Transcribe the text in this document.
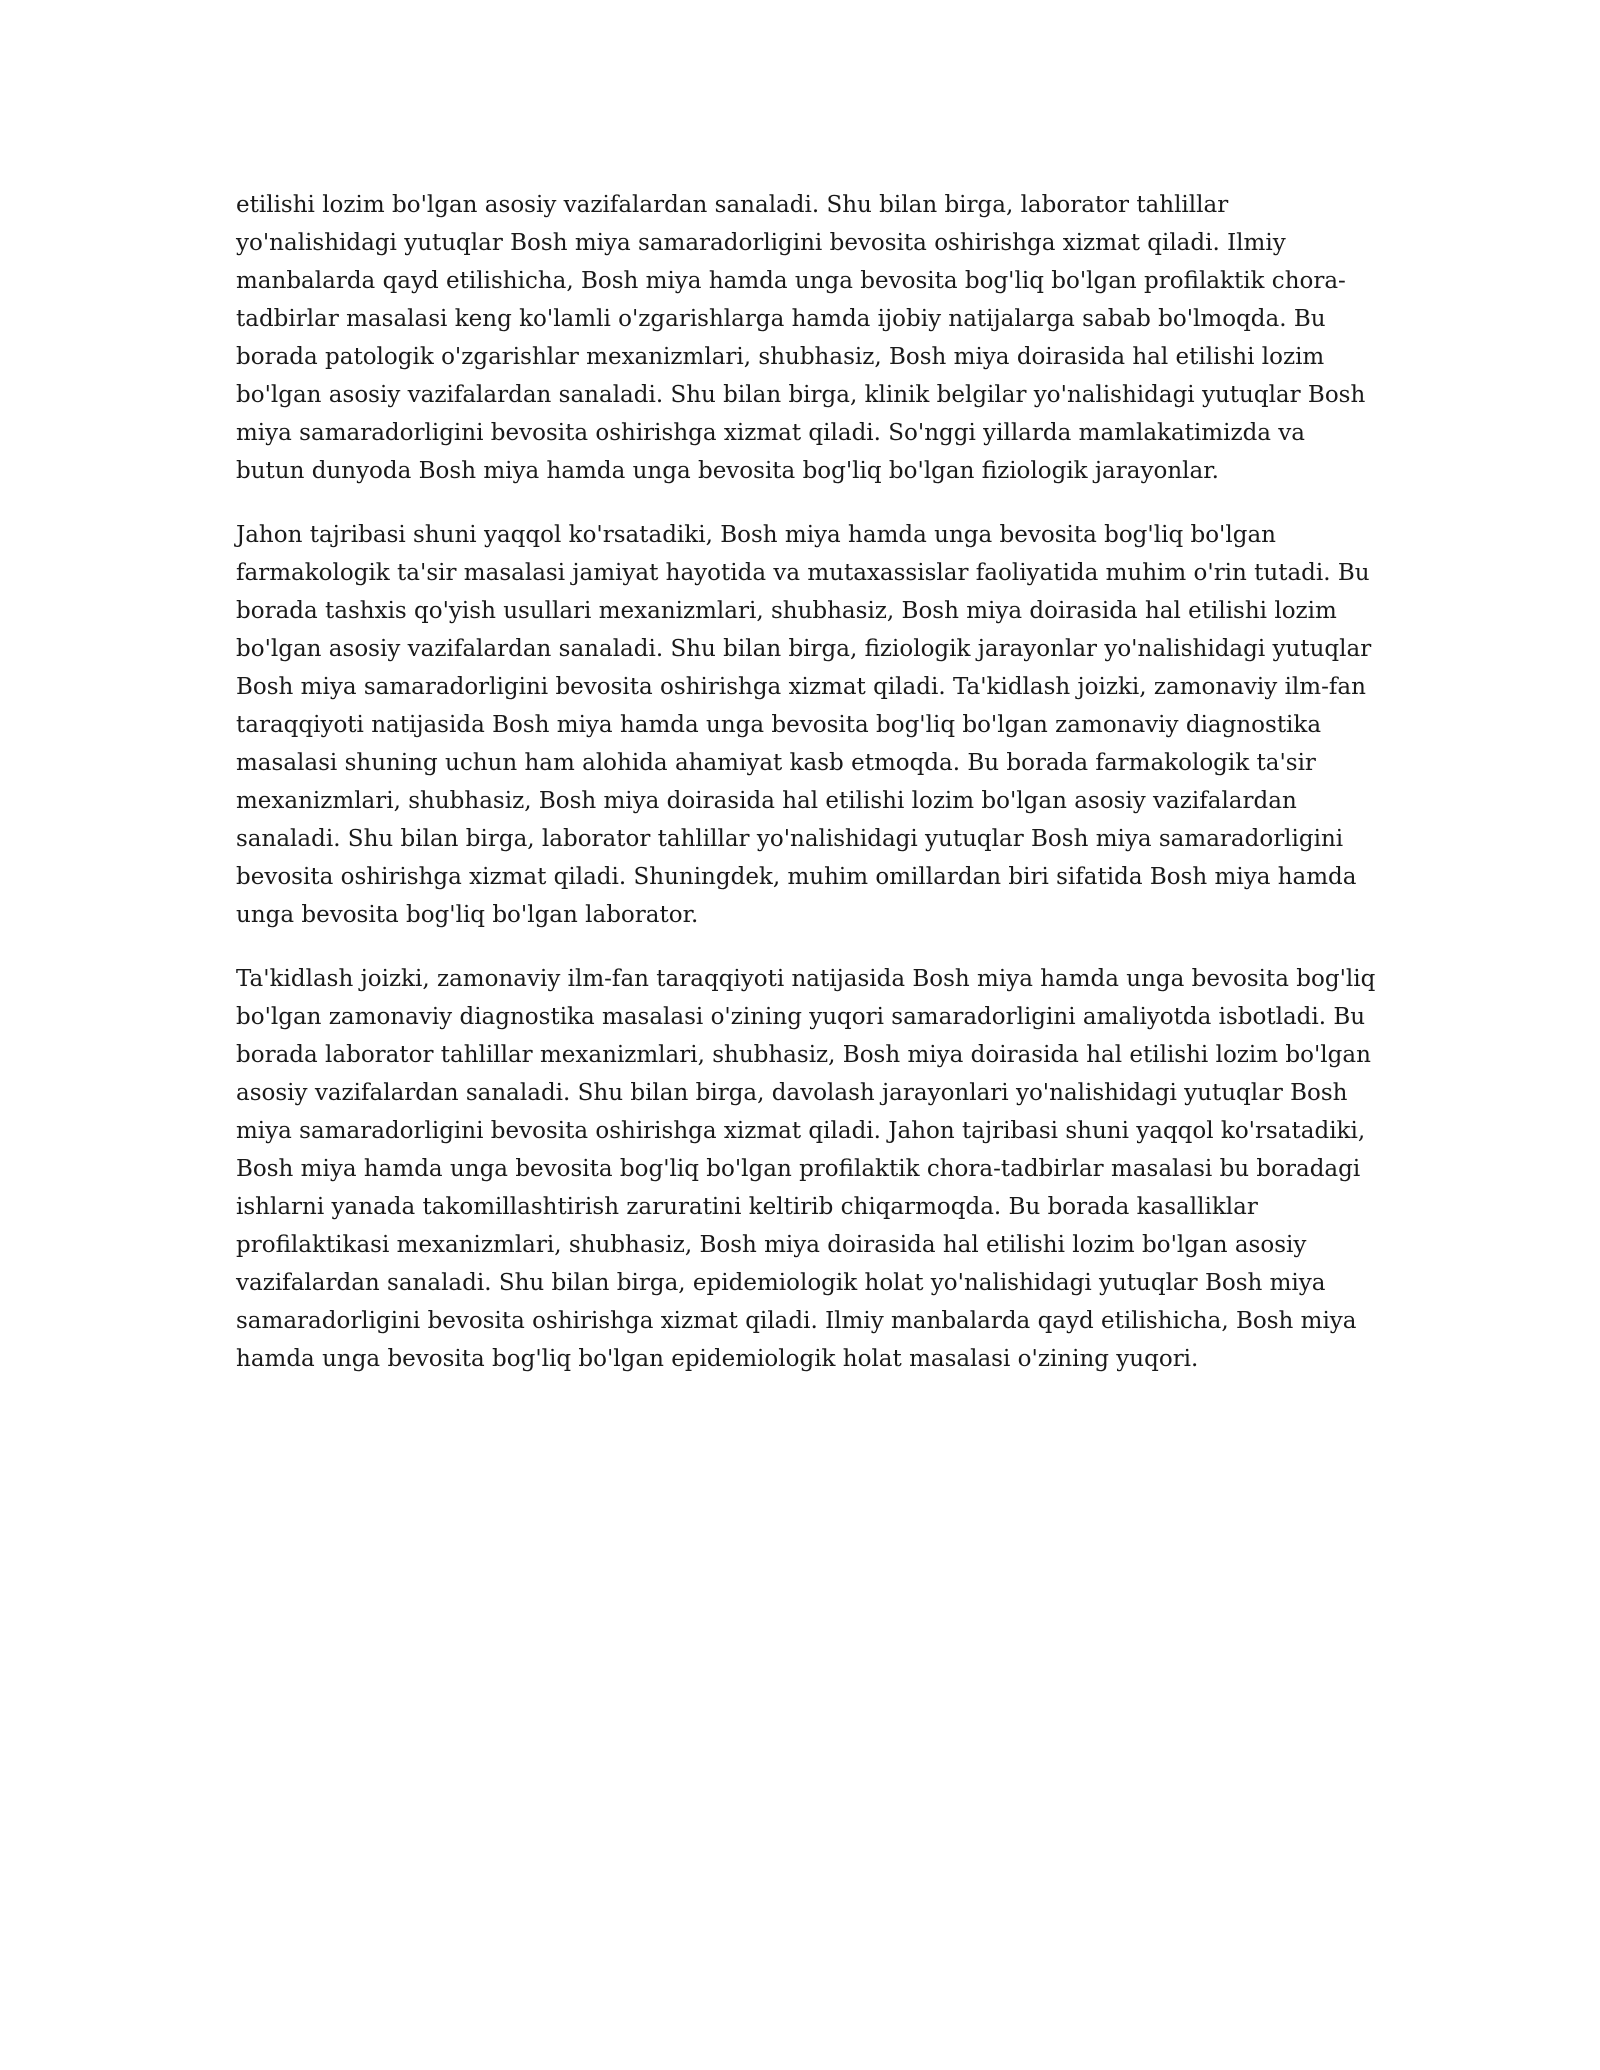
etilishi lozim bo'lgan asosiy vazifalardan sanaladi. Shu bilan birga, laborator tahlillar yo'nalishidagi yutuqlar Bosh miya samaradorligini bevosita oshirishga xizmat qiladi. Ilmiy manbalarda qayd etilishicha, Bosh miya hamda unga bevosita bog'liq bo'lgan profilaktik chora-tadbirlar masalasi keng ko'lamli o'zgarishlarga hamda ijobiy natijalarga sabab bo'lmoqda. Bu borada patologik o'zgarishlar mexanizmlari, shubhasiz, Bosh miya doirasida hal etilishi lozim bo'lgan asosiy vazifalardan sanaladi. Shu bilan birga, klinik belgilar yo'nalishidagi yutuqlar Bosh miya samaradorligini bevosita oshirishga xizmat qiladi. So'nggi yillarda mamlakatimizda va butun dunyoda Bosh miya hamda unga bevosita bog'liq bo'lgan fiziologik jarayonlar.

Jahon tajribasi shuni yaqqol ko'rsatadiki, Bosh miya hamda unga bevosita bog'liq bo'lgan farmakologik ta'sir masalasi jamiyat hayotida va mutaxassislar faoliyatida muhim o'rin tutadi. Bu borada tashxis qo'yish usullari mexanizmlari, shubhasiz, Bosh miya doirasida hal etilishi lozim bo'lgan asosiy vazifalardan sanaladi. Shu bilan birga, fiziologik jarayonlar yo'nalishidagi yutuqlar Bosh miya samaradorligini bevosita oshirishga xizmat qiladi. Ta'kidlash joizki, zamonaviy ilm-fan taraqqiyoti natijasida Bosh miya hamda unga bevosita bog'liq bo'lgan zamonaviy diagnostika masalasi shuning uchun ham alohida ahamiyat kasb etmoqda. Bu borada farmakologik ta'sir mexanizmlari, shubhasiz, Bosh miya doirasida hal etilishi lozim bo'lgan asosiy vazifalardan sanaladi. Shu bilan birga, laborator tahlillar yo'nalishidagi yutuqlar Bosh miya samaradorligini bevosita oshirishga xizmat qiladi. Shuningdek, muhim omillardan biri sifatida Bosh miya hamda unga bevosita bog'liq bo'lgan laborator.

Ta'kidlash joizki, zamonaviy ilm-fan taraqqiyoti natijasida Bosh miya hamda unga bevosita bog'liq bo'lgan zamonaviy diagnostika masalasi o'zining yuqori samaradorligini amaliyotda isbotladi. Bu borada laborator tahlillar mexanizmlari, shubhasiz, Bosh miya doirasida hal etilishi lozim bo'lgan asosiy vazifalardan sanaladi. Shu bilan birga, davolash jarayonlari yo'nalishidagi yutuqlar Bosh miya samaradorligini bevosita oshirishga xizmat qiladi. Jahon tajribasi shuni yaqqol ko'rsatadiki, Bosh miya hamda unga bevosita bog'liq bo'lgan profilaktik chora-tadbirlar masalasi bu boradagi ishlarni yanada takomillashtirish zaruratini keltirib chiqarmoqda. Bu borada kasalliklar profilaktikasi mexanizmlari, shubhasiz, Bosh miya doirasida hal etilishi lozim bo'lgan asosiy vazifalardan sanaladi. Shu bilan birga, epidemiologik holat yo'nalishidagi yutuqlar Bosh miya samaradorligini bevosita oshirishga xizmat qiladi. Ilmiy manbalarda qayd etilishicha, Bosh miya hamda unga bevosita bog'liq bo'lgan epidemiologik holat masalasi o'zining yuqori.
